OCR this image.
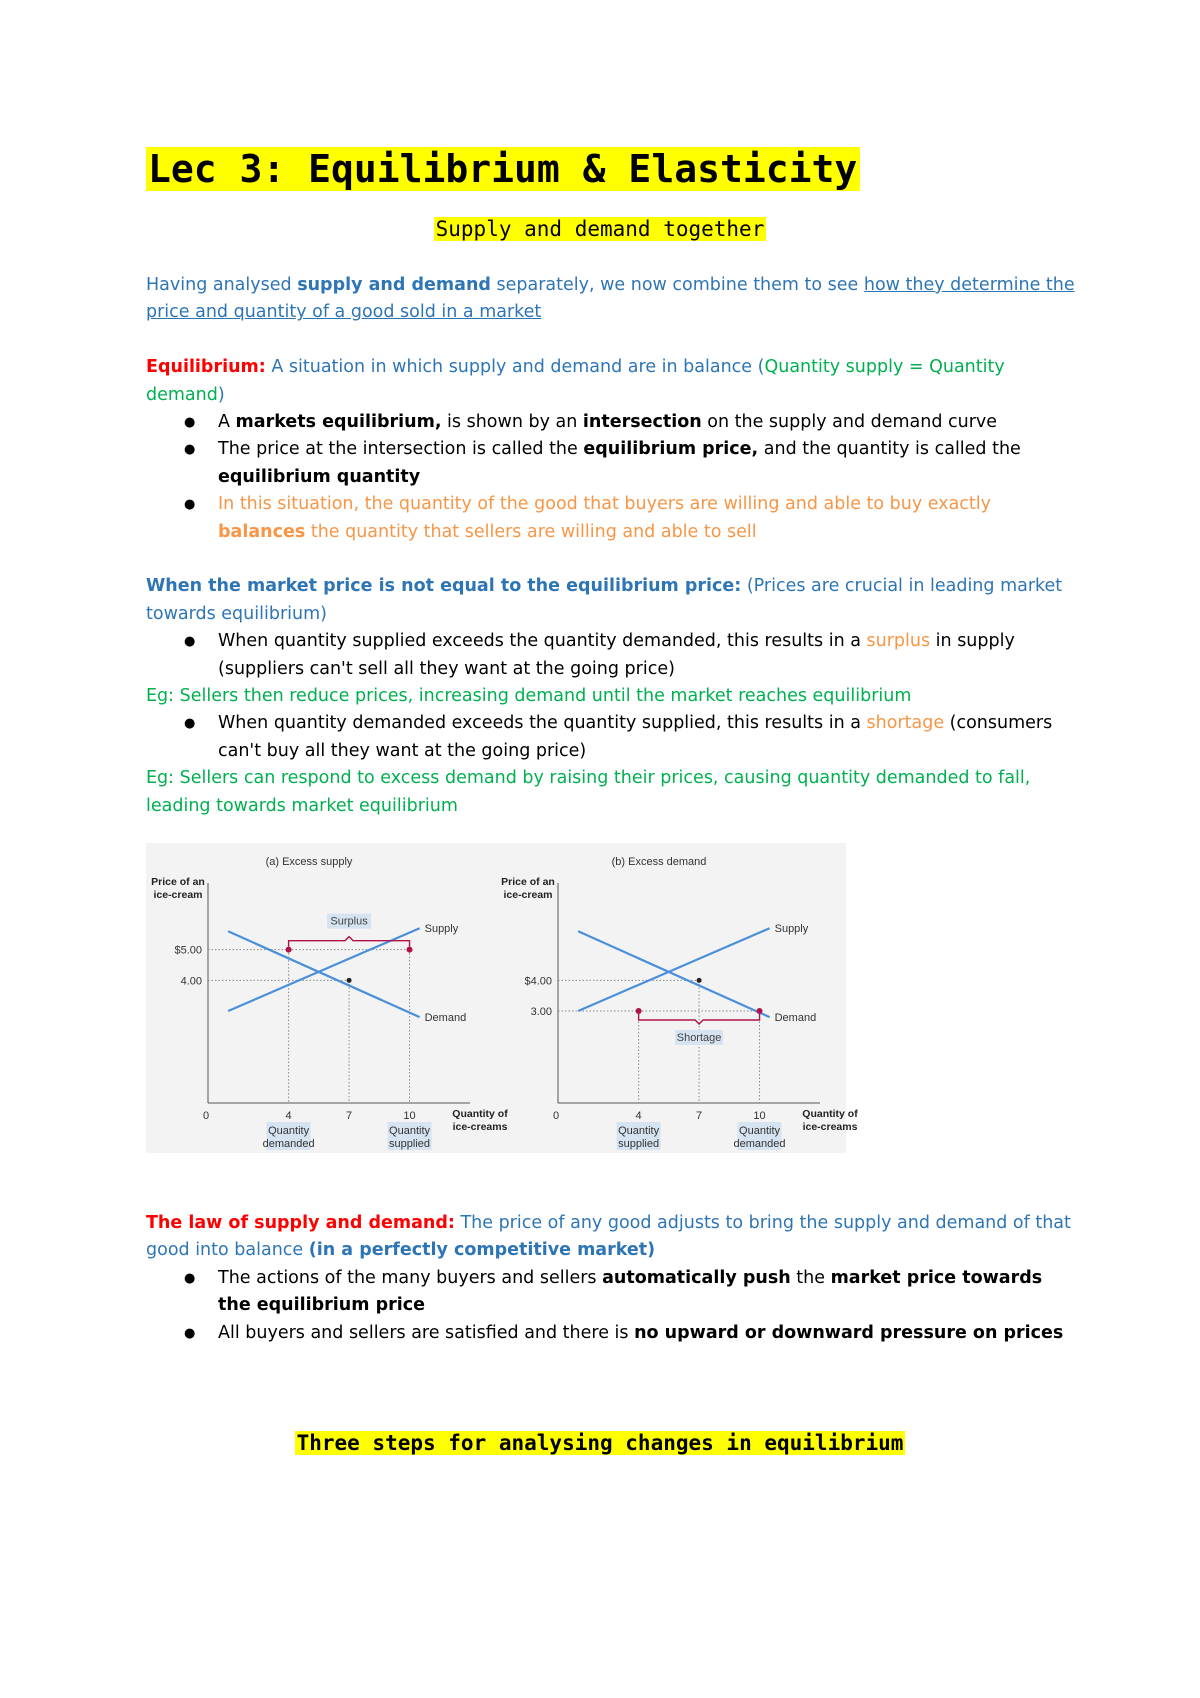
Lec 3: Equilibrium & Elasticity

Supply and demand together

Having analysed supply and demand separately, we now combine them to see how they determine the price and quantity of a good sold in a market

Equilibrium: A situation in which supply and demand are in balance (Quantity supply = Quantity demand)

● A markets equilibrium, is shown by an intersection on the supply and demand curve
● The price at the intersection is called the equilibrium price, and the quantity is called the equilibrium quantity
● In this situation, the quantity of the good that buyers are willing and able to buy exactly balances the quantity that sellers are willing and able to sell

When the market price is not equal to the equilibrium price: (Prices are crucial in leading market towards equilibrium)

● When quantity supplied exceeds the quantity demanded, this results in a surplus in supply (suppliers can't sell all they want at the going price)

Eg: Sellers then reduce prices, increasing demand until the market reaches equilibrium

● When quantity demanded exceeds the quantity supplied, this results in a shortage (consumers can't buy all they want at the going price)

Eg: Sellers can respond to excess demand by raising their prices, causing quantity demanded to fall, leading towards market equilibrium

(a) Excess supply
Price of an
ice-cream
0	Quantity of
ice-creams
$5.00
4.00
4	7	10
Quantity
demanded
Quantity
supplied
Supply
Demand
Surplus
(b) Excess demand
Price of an
ice-cream
0	Quantity of
ice-creams
$4.00
3.00
4	7	10
Quantity
supplied
Quantity
demanded
Supply
Demand
Shortage

The law of supply and demand: The price of any good adjusts to bring the supply and demand of that good into balance (in a perfectly competitive market)

● The actions of the many buyers and sellers automatically push the market price towards the equilibrium price
● All buyers and sellers are satisfied and there is no upward or downward pressure on prices

Three steps for analysing changes in equilibrium
